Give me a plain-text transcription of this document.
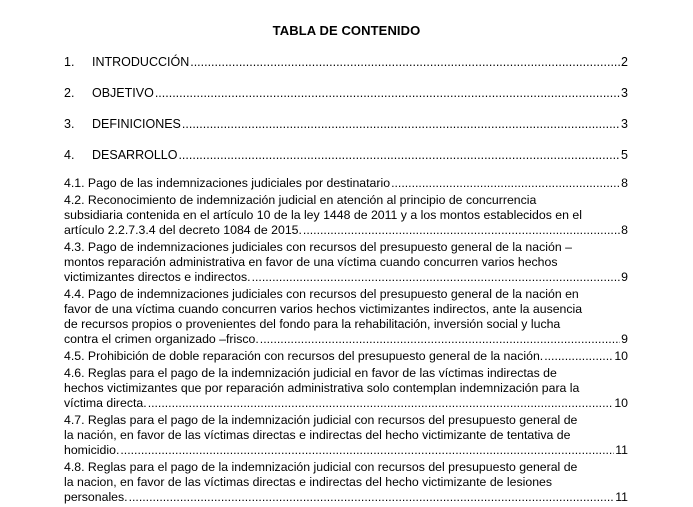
TABLA DE CONTENIDO
1.	INTRODUCCIÓN .....	2
2.	OBJETIVO .....	3
3.	DEFINICIONES .....	3
4.	DESARROLLO .....	5
4.1. Pago de las indemnizaciones judiciales por destinatario .....	8
4.2. Reconocimiento de indemnización judicial en atención al principio de concurrencia
subsidiaria contenida en el artículo 10 de la ley 1448 de 2011 y a los montos establecidos en el
artículo 2.2.7.3.4 del decreto 1084 de 2015. .....	8
4.3. Pago de indemnizaciones judiciales con recursos del presupuesto general de la nación –
montos reparación administrativa en favor de una víctima cuando concurren varios hechos
victimizantes directos e indirectos. .....	9
4.4. Pago de indemnizaciones judiciales con recursos del presupuesto general de la nación en
favor de una víctima cuando concurren varios hechos victimizantes indirectos, ante la ausencia
de recursos propios o provenientes del fondo para la rehabilitación, inversión social y lucha
contra el crimen organizado –frisco. .....	9
4.5. Prohibición de doble reparación con recursos del presupuesto general de la nación. .....	10
4.6. Reglas para el pago de la indemnización judicial en favor de las víctimas indirectas de
hechos victimizantes que por reparación administrativa solo contemplan indemnización para la
víctima directa. .....	10
4.7. Reglas para el pago de la indemnización judicial con recursos del presupuesto general de
la nación, en favor de las víctimas directas e indirectas del hecho victimizante de tentativa de
homicidio. .....	11
4.8. Reglas para el pago de la indemnización judicial con recursos del presupuesto general de
la nacion, en favor de las víctimas directas e indirectas del hecho victimizante de lesiones
personales. .....	11
